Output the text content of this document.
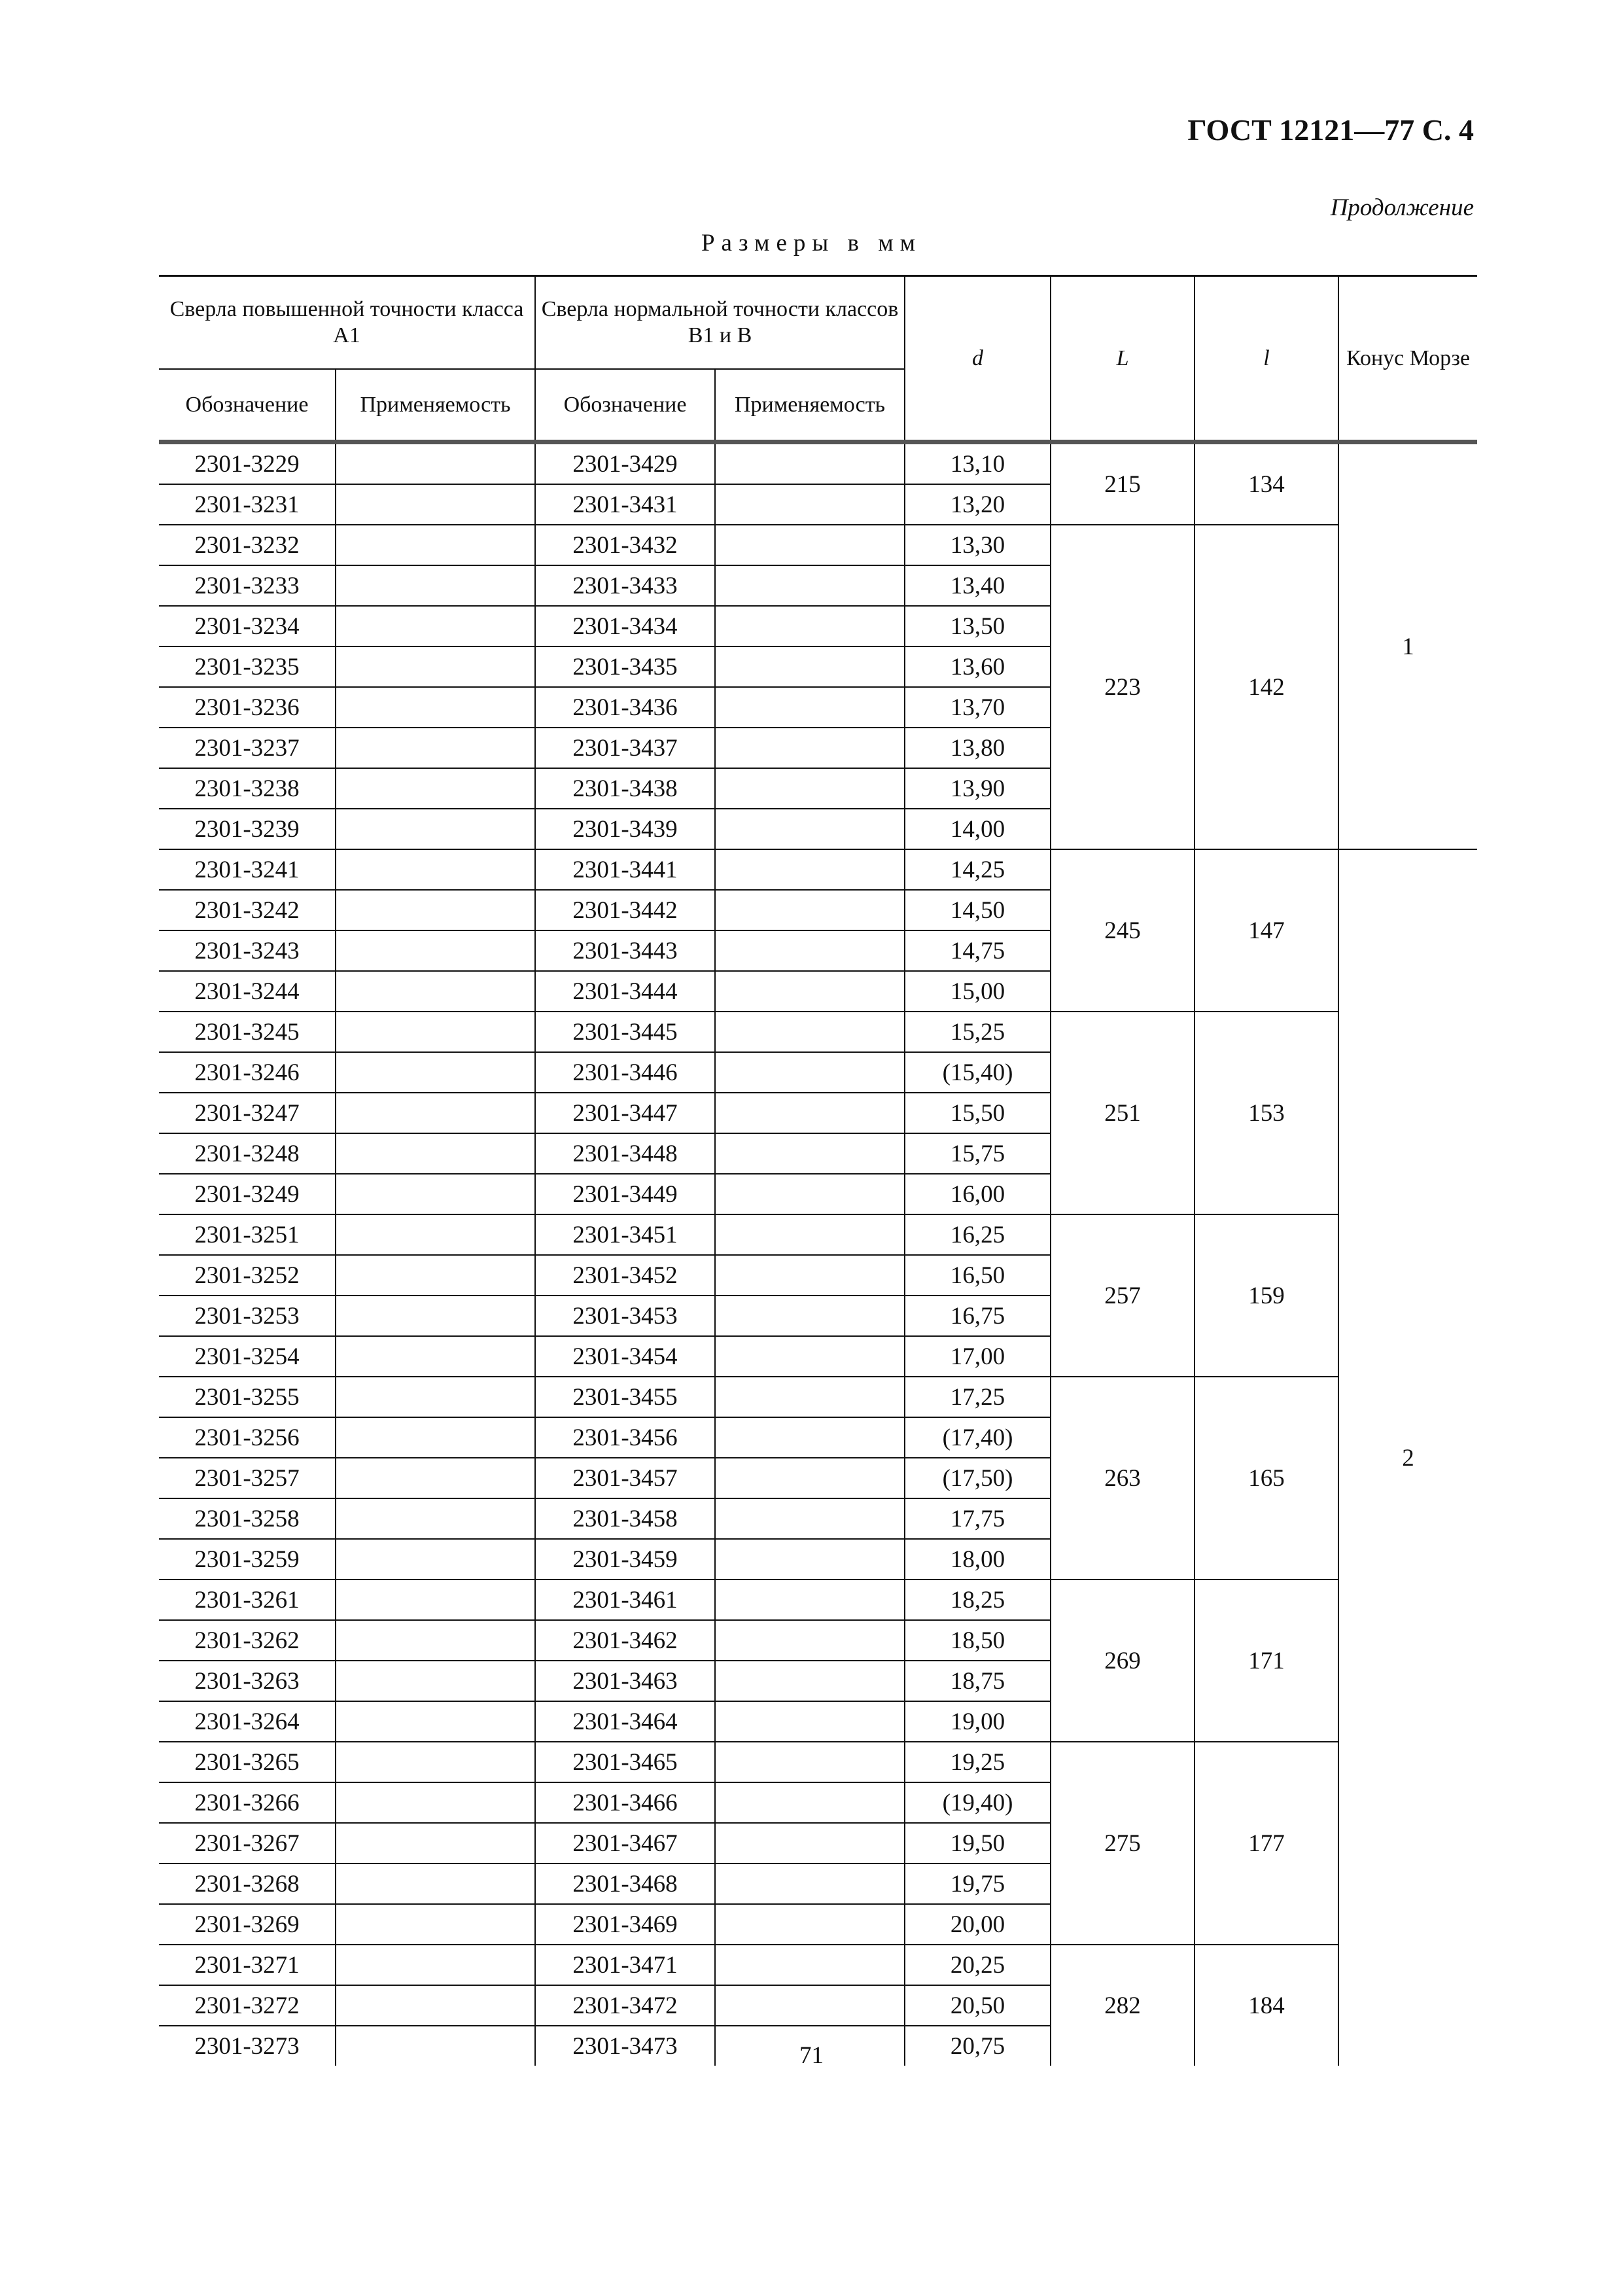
ГОСТ 12121—77 С. 4
Продолжение
Размеры в мм
Сверла повышенной точности класса А1		Сверла нормальной точности классов В1 и В		d	L	l	Конус Морзе
Обозначение	Применяемость	Обозначение	Применяемость				
2301-3229		2301-3429		13,10	215	134	1
2301-3231		2301-3431		13,20			
2301-3232		2301-3432		13,30	223	142	
2301-3233		2301-3433		13,40			
2301-3234		2301-3434		13,50			
2301-3235		2301-3435		13,60			
2301-3236		2301-3436		13,70			
2301-3237		2301-3437		13,80			
2301-3238		2301-3438		13,90			
2301-3239		2301-3439		14,00			
2301-3241		2301-3441		14,25	245	147	2
2301-3242		2301-3442		14,50			
2301-3243		2301-3443		14,75			
2301-3244		2301-3444		15,00			
2301-3245		2301-3445		15,25	251	153	
2301-3246		2301-3446		(15,40)			
2301-3247		2301-3447		15,50			
2301-3248		2301-3448		15,75			
2301-3249		2301-3449		16,00			
2301-3251		2301-3451		16,25	257	159	
2301-3252		2301-3452		16,50			
2301-3253		2301-3453		16,75			
2301-3254		2301-3454		17,00			
2301-3255		2301-3455		17,25	263	165	
2301-3256		2301-3456		(17,40)			
2301-3257		2301-3457		(17,50)			
2301-3258		2301-3458		17,75			
2301-3259		2301-3459		18,00			
2301-3261		2301-3461		18,25	269	171	
2301-3262		2301-3462		18,50			
2301-3263		2301-3463		18,75			
2301-3264		2301-3464		19,00			
2301-3265		2301-3465		19,25	275	177	
2301-3266		2301-3466		(19,40)			
2301-3267		2301-3467		19,50			
2301-3268		2301-3468		19,75			
2301-3269		2301-3469		20,00			
2301-3271		2301-3471		20,25	282	184	
2301-3272		2301-3472		20,50			
2301-3273		2301-3473		20,75			
71
